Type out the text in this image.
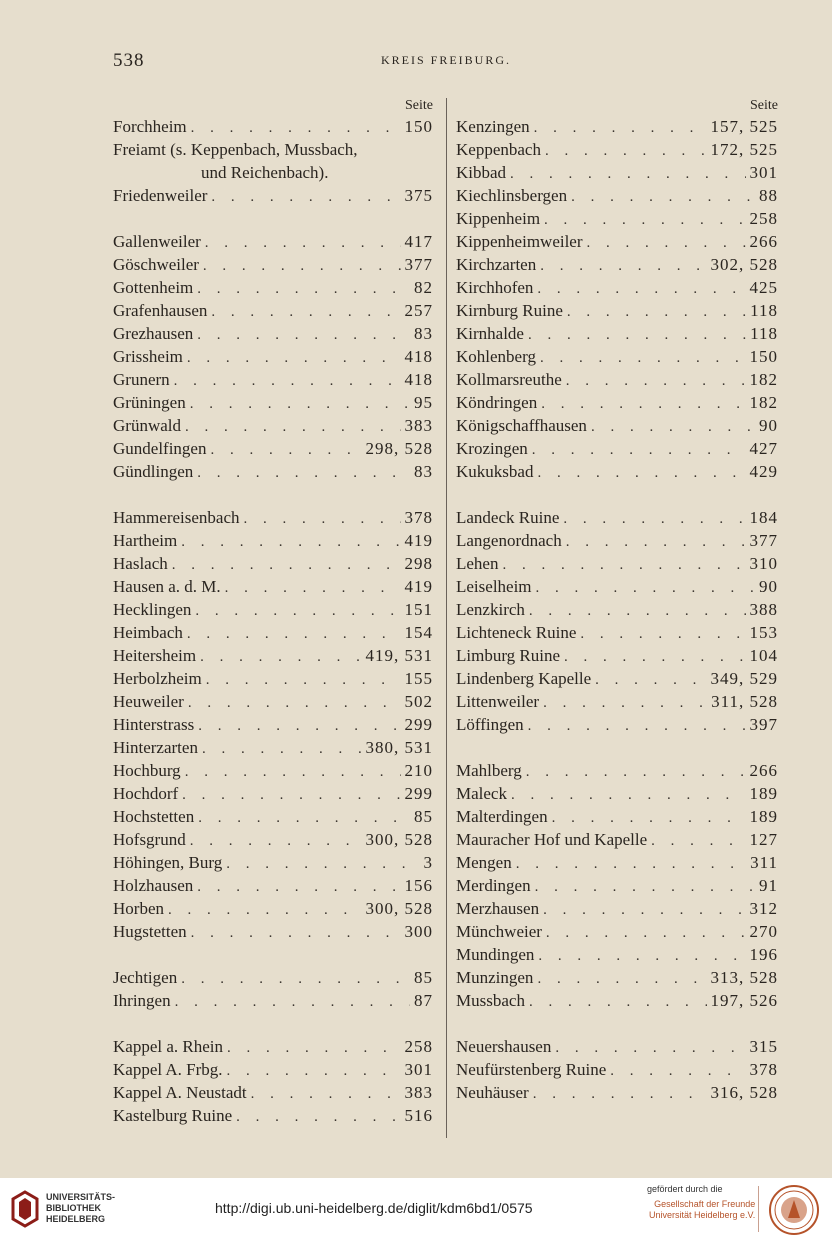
538	KREIS FREIBURG.
Seite
Forchheim . . .	150
Freiamt (s. Keppenbach, Mussbach,
und Reichenbach).
Friedenweiler . . .	375
Gallenweiler . . .	417
Göschweiler . . .	377
Gottenheim . . .	82
Grafenhausen . . .	257
Grezhausen . . .	83
Grissheim . . .	418
Grunern . . .	418
Grüningen . . .	95
Grünwald . . .	383
Gundelfingen . . .	298, 528
Gündlingen . . .	83
Hammereisenbach . . .	378
Hartheim . . .	419
Haslach . . .	298
Hausen a. d. M. . . .	419
Hecklingen . . .	151
Heimbach . . .	154
Heitersheim . . .	419, 531
Herbolzheim . . .	155
Heuweiler . . .	502
Hinterstrass . . .	299
Hinterzarten . . .	380, 531
Hochburg . . .	210
Hochdorf . . .	299
Hochstetten . . .	85
Hofsgrund . . .	300, 528
Höhingen, Burg . . .	3
Holzhausen . . .	156
Horben . . .	300, 528
Hugstetten . . .	300
Jechtigen . . .	85
Ihringen . . .	87
Kappel a. Rhein . . .	258
Kappel A. Frbg. . . .	301
Kappel A. Neustadt . . .	383
Kastelburg Ruine . . .	516
Seite
Kenzingen . . .	157, 525
Keppenbach . . .	172, 525
Kibbad . . .	301
Kiechlinsbergen . . .	88
Kippenheim . . .	258
Kippenheimweiler . . .	266
Kirchzarten . . .	302, 528
Kirchhofen . . .	425
Kirnburg Ruine . . .	118
Kirnhalde . . .	118
Kohlenberg . . .	150
Kollmarsreuthe . . .	182
Köndringen . . .	182
Königschaffhausen . . .	90
Krozingen . . .	427
Kukuksbad . . .	429
Landeck Ruine . . .	184
Langenordnach . . .	377
Lehen . . .	310
Leiselheim . . .	90
Lenzkirch . . .	388
Lichteneck Ruine . . .	153
Limburg Ruine . . .	104
Lindenberg Kapelle . . .	349, 529
Littenweiler . . .	311, 528
Löffingen . . .	397
Mahlberg . . .	266
Maleck . . .	189
Malterdingen . . .	189
Mauracher Hof und Kapelle . . .	127
Mengen . . .	311
Merdingen . . .	91
Merzhausen . . .	312
Münchweier . . .	270
Mundingen . . .	196
Munzingen . . .	313, 528
Mussbach . . .	197, 526
Neuershausen . . .	315
Neufürstenberg Ruine . . .	378
Neuhäuser . . .	316, 528
UNIVERSITÄTS-
BIBLIOTHEK
HEIDELBERG
http://digi.ub.uni-heidelberg.de/diglit/kdm6bd1/0575
gefördert durch die
Gesellschaft der Freunde
Universität Heidelberg e.V.
